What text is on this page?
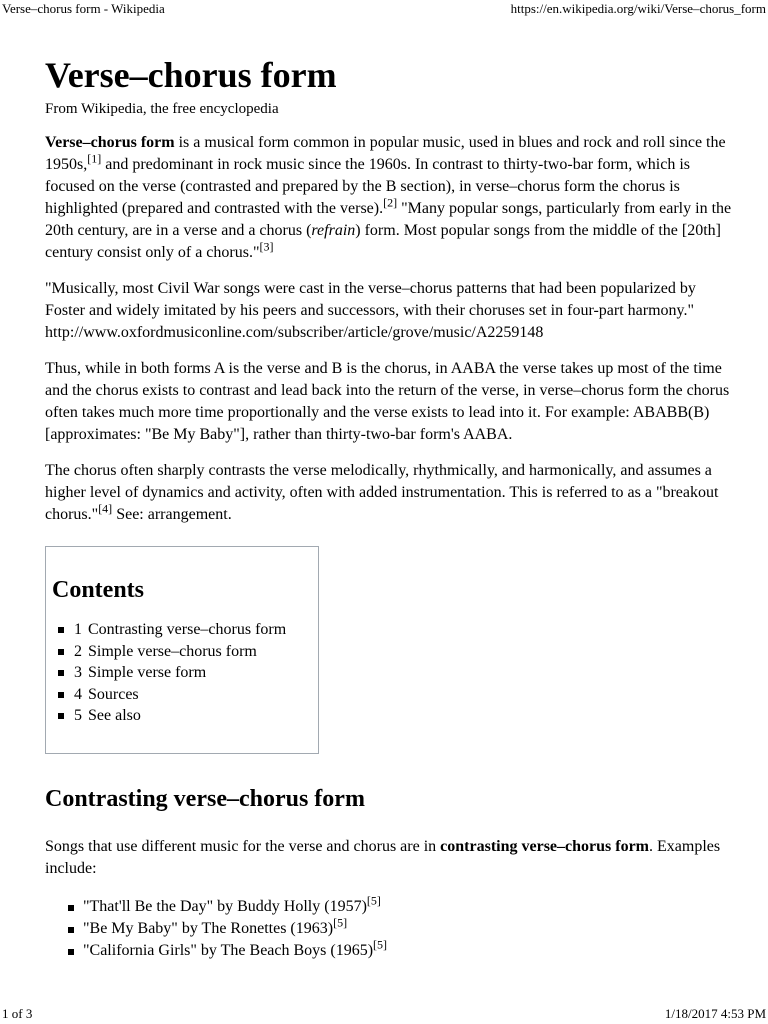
Verse–chorus form - Wikipedia	https://en.wikipedia.org/wiki/Verse–chorus_form
Verse–chorus form
From Wikipedia, the free encyclopedia

Verse–chorus form is a musical form common in popular music, used in blues and rock and roll since the 1950s,[1] and predominant in rock music since the 1960s. In contrast to thirty-two-bar form, which is focused on the verse (contrasted and prepared by the B section), in verse–chorus form the chorus is highlighted (prepared and contrasted with the verse).[2] "Many popular songs, particularly from early in the 20th century, are in a verse and a chorus (refrain) form. Most popular songs from the middle of the [20th] century consist only of a chorus."[3]

"Musically, most Civil War songs were cast in the verse–chorus patterns that had been popularized by Foster and widely imitated by his peers and successors, with their choruses set in four-part harmony." http://www.oxfordmusiconline.com/subscriber/article/grove/music/A2259148

Thus, while in both forms A is the verse and B is the chorus, in AABA the verse takes up most of the time and the chorus exists to contrast and lead back into the return of the verse, in verse–chorus form the chorus often takes much more time proportionally and the verse exists to lead into it. For example: ABABB(B) [approximates: "Be My Baby"], rather than thirty-two-bar form's AABA.

The chorus often sharply contrasts the verse melodically, rhythmically, and harmonically, and assumes a higher level of dynamics and activity, often with added instrumentation. This is referred to as a "breakout chorus."[4] See: arrangement.

Contents
1 Contrasting verse–chorus form
2 Simple verse–chorus form
3 Simple verse form
4 Sources
5 See also
Contrasting verse–chorus form

Songs that use different music for the verse and chorus are in contrasting verse–chorus form. Examples include:

"That'll Be the Day" by Buddy Holly (1957)[5]
"Be My Baby" by The Ronettes (1963)[5]
"California Girls" by The Beach Boys (1965)[5]
1 of 3	1/18/2017 4:53 PM
